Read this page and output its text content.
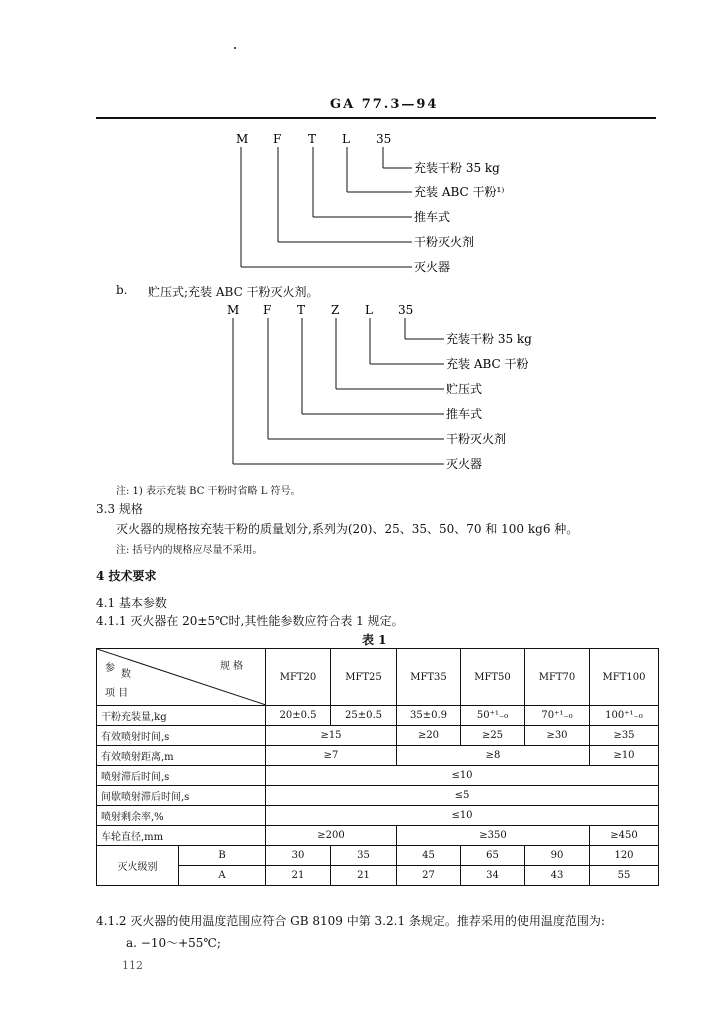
GA 77.3—94
M F T L 35
充装干粉 35 kg
充装 ABC 干粉¹⁾
推车式
干粉灭火剂
灭火器
b. 贮压式;充装 ABC 干粉灭火剂。
M F T Z L 35
充装干粉 35 kg
充装 ABC 干粉
贮压式
推车式
干粉灭火剂
灭火器
注: 1) 表示充装 BC 干粉时省略 L 符号。
3.3 规格
灭火器的规格按充装干粉的质量划分,系列为(20)、25、35、50、70 和 100 kg6 种。
注: 括号内的规格应尽量不采用。
4 技术要求
4.1 基本参数
4.1.1 灭火器在 20±5℃时,其性能参数应符合表 1 规定。
表 1
参
数
规 格
项 目		MFT20	MFT25	MFT35	MFT50	MFT70	MFT100
干粉充装量,kg		20±0.5	25±0.5	35±0.9	50⁺¹₋₀	70⁺¹₋₀	100⁺¹₋₀
有效喷射时间,s		≥15		≥20	≥25	≥30	≥35
有效喷射距离,m		≥7		≥8			≥10
喷射滞后时间,s		≤10					
间歇喷射滞后时间,s		≤5					
喷射剩余率,%		≤10					
车轮直径,mm		≥200		≥350			≥450
灭火级别	B	30	35	45	65	90	120
	A	21	21	27	34	43	55
4.1.2 灭火器的使用温度范围应符合 GB 8109 中第 3.2.1 条规定。推荐采用的使用温度范围为:
a. −10～+55℃;
112
